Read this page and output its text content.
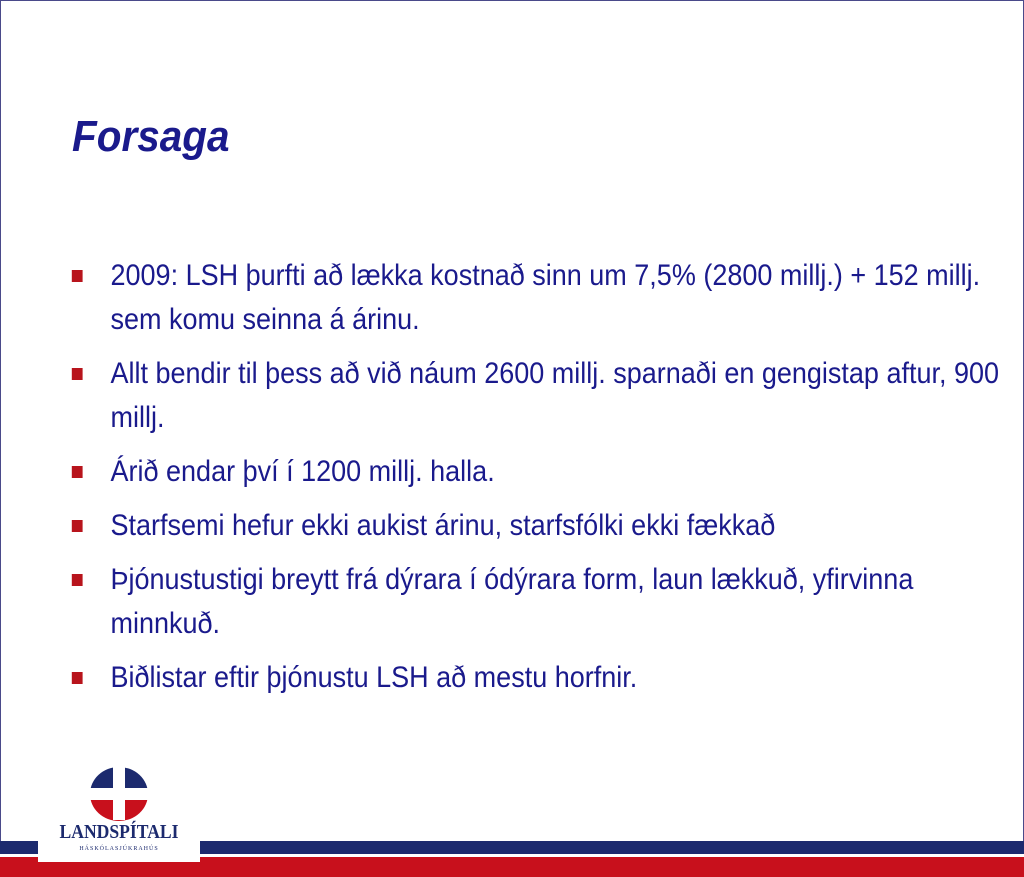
Forsaga
2009: LSH þurfti að lækka kostnað sinn um 7,5% (2800 millj.) + 152 millj. sem komu seinna á árinu.
Allt bendir til þess að við náum 2600 millj. sparnaði en gengistap aftur, 900 millj.
Árið endar því í 1200 millj. halla.
Starfsemi hefur ekki aukist árinu, starfsfólki ekki fækkað
Þjónustustigi breytt frá dýrara í ódýrara form, laun lækkuð, yfirvinna minnkuð.
Biðlistar eftir þjónustu LSH að mestu horfnir.
LANDSPÍTALI
HÁSKÓLASJÚKRAHÚS
